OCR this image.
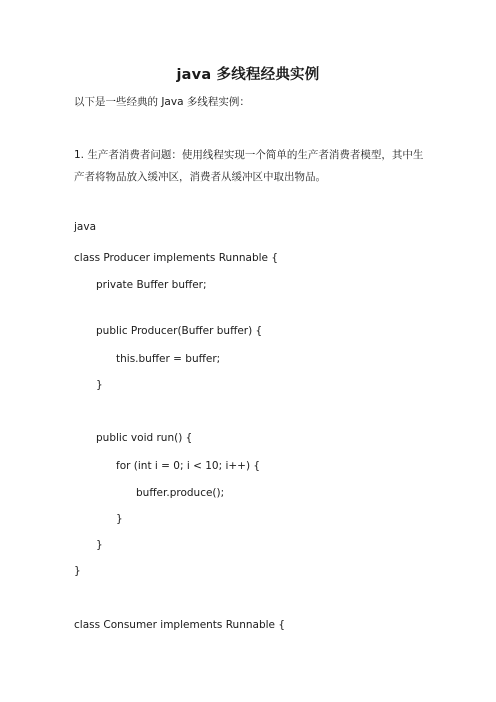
java 多线程经典实例
以下是一些经典的 Java 多线程实例：
1. 生产者消费者问题：使用线程实现一个简单的生产者消费者模型，其中生产者将物品放入缓冲区，消费者从缓冲区中取出物品。
java
class Producer implements Runnable {
private Buffer buffer;
public Producer(Buffer buffer) {
this.buffer = buffer;
}
public void run() {
for (int i = 0; i < 10; i++) {
buffer.produce();
}
}
}
class Consumer implements Runnable {
